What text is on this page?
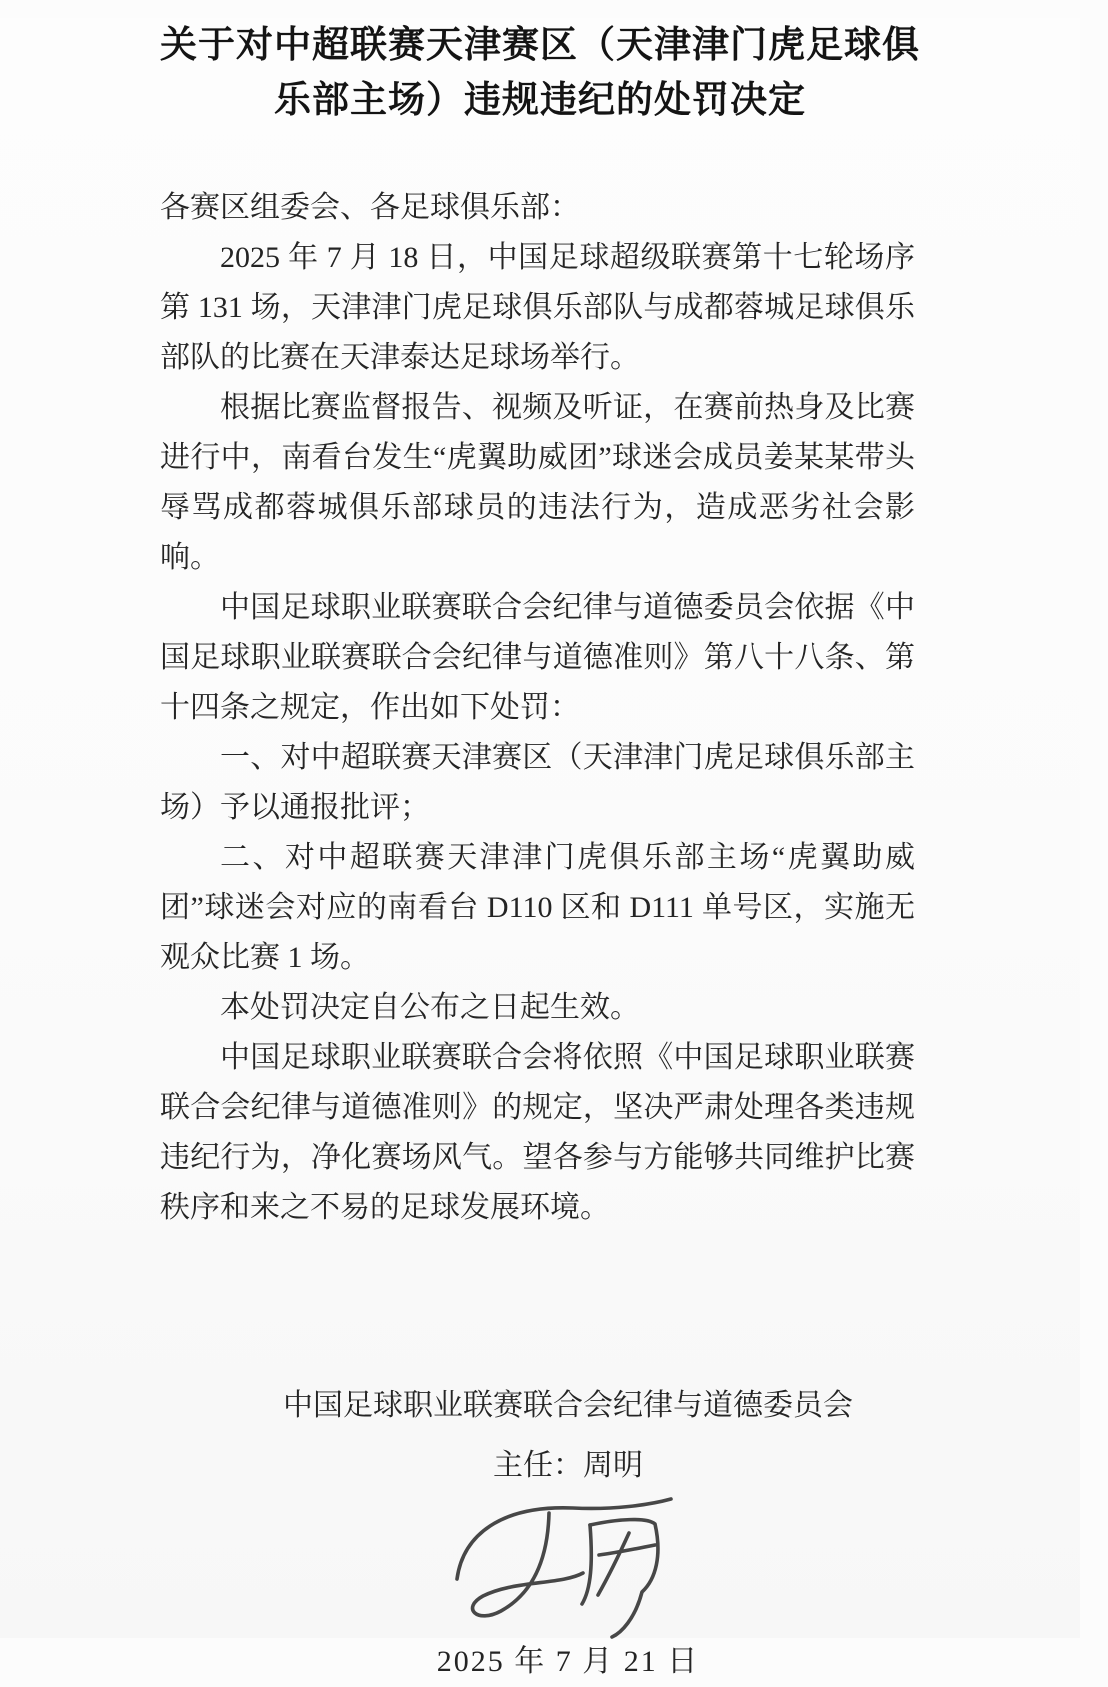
关于对中超联赛天津赛区（天津津门虎足球俱乐部主场）违规违纪的处罚决定

各赛区组委会、各足球俱乐部：

2025 年 7 月 18 日，中国足球超级联赛第十七轮场序第 131 场，天津津门虎足球俱乐部队与成都蓉城足球俱乐部队的比赛在天津泰达足球场举行。

根据比赛监督报告、视频及听证，在赛前热身及比赛进行中，南看台发生“虎翼助威团”球迷会成员姜某某带头辱骂成都蓉城俱乐部球员的违法行为，造成恶劣社会影响。

中国足球职业联赛联合会纪律与道德委员会依据《中国足球职业联赛联合会纪律与道德准则》第八十八条、第十四条之规定，作出如下处罚：

一、对中超联赛天津赛区（天津津门虎足球俱乐部主场）予以通报批评；

二、对中超联赛天津津门虎俱乐部主场“虎翼助威团”球迷会对应的南看台 D110 区和 D111 单号区，实施无观众比赛 1 场。

本处罚决定自公布之日起生效。

中国足球职业联赛联合会将依照《中国足球职业联赛联合会纪律与道德准则》的规定，坚决严肃处理各类违规违纪行为，净化赛场风气。望各参与方能够共同维护比赛秩序和来之不易的足球发展环境。

中国足球职业联赛联合会纪律与道德委员会
主任：周明
2025 年 7 月 21 日
